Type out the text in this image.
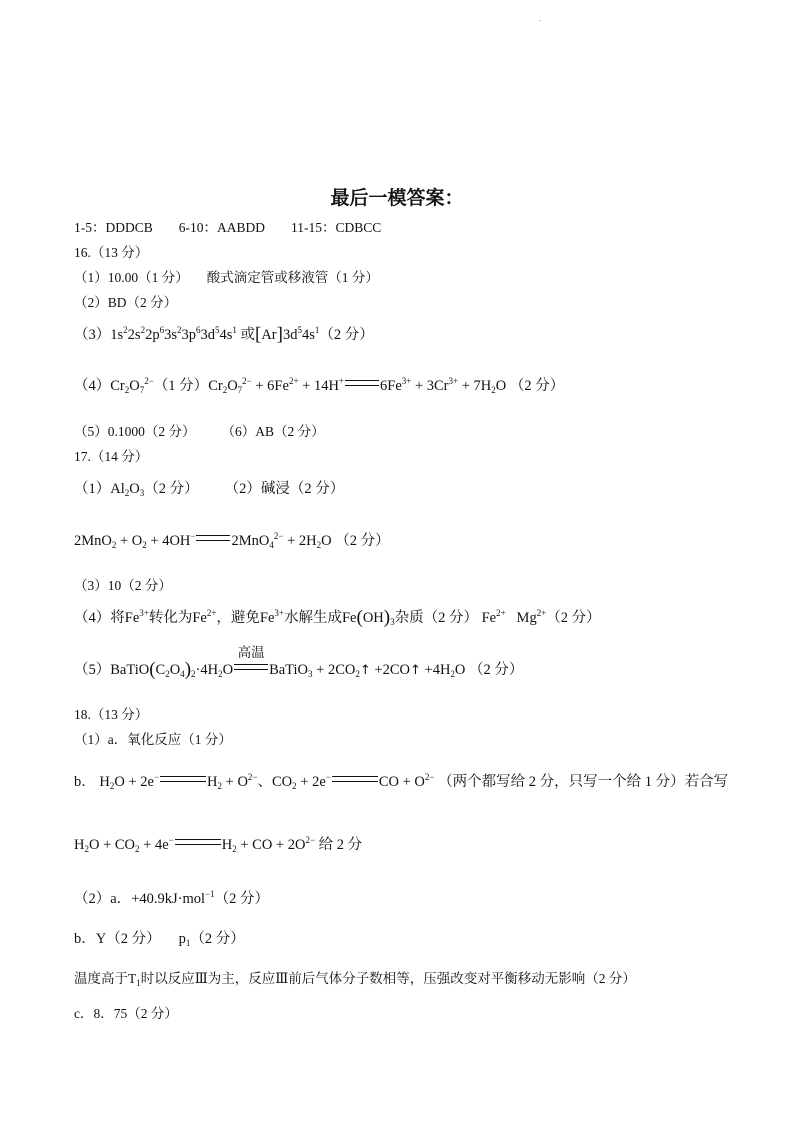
.
最后一模答案：
1-5：DDDCB 6-10：AABDD 11-15：CDBCC
16.（13 分）
（1）10.00（1 分） 酸式滴定管或移液管（1 分）
（2）BD（2 分）
$(3)1s^22s^22p^63s^23p^63d^54s^1$ 或$[Ar]3d^54s^1(2$ 分）
$(4)Cr_2O_7^{2-}(1$ 分）$Cr_2O_7^{2-} + 6Fe^{2+} + 14H^+$ $6Fe^{3+} + 3Cr^{3+} + 7H_2O$ （2 分）
（5）0.1000（2 分） （6）AB（2 分）
17.（14 分）
$(1)Al_2O_3(2$ 分） （2）碱浸（2 分）
$2MnO_2 + O_2 + 4OH^-$ $2MnO_4^{2-} + 2H_2O$ （2 分）
（3）10（2 分）
（4）将$Fe^{3+}$转化为$Fe^{2+}$，避免$Fe^{3+}$水解生成$Fe(OH)_3$杂质（2 分） $Fe^{2+}$   $Mg^{2+}(2$ 分）
$(5)BaTiO(C_2O_4)_2\cdot 4H_2O$
高温
BaTiO$_3$ + $2CO_2↑$ +2CO↑ $+4H_2O$ （2 分）
18.（13 分）
（1）a．氧化反应（1 分）
b． $H_2O + 2e^-$	$H_2 + O^{2-}$、$CO_2 + 2e^-$	CO + $O^{2-}$ （两个都写给 2 分，只写一个给 1 分）若合写
$H_2O + CO_2 + 4e^-$	$H_2$ + CO + $2O^{2-}$ 给 2 分
（2）a．+40.9kJ·mol$^{-1}$（2 分）
b．Y（2 分） $p_1(2$ 分）
温度高于$T_1$时以反应Ⅲ为主，反应Ⅲ前后气体分子数相等，压强改变对平衡移动无影响（2 分）
c．8．75（2 分）
